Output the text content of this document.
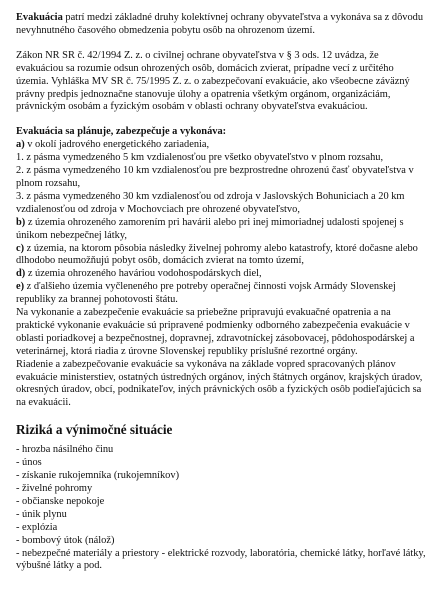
Evakuácia patrí medzi základné druhy kolektívnej ochrany obyvateľstva a vykonáva sa z dôvodu nevyhnutného časového obmedzenia pobytu osôb na ohrozenom území.

Zákon NR SR č. 42/1994 Z. z. o civilnej ochrane obyvateľstva v § 3 ods. 12 uvádza, že evakuáciou sa rozumie odsun ohrozených osôb, domácich zvierat, prípadne vecí z určitého územia. Vyhláška MV SR č. 75/1995 Z. z. o zabezpečovaní evakuácie, ako všeobecne záväzný právny predpis jednoznačne stanovuje úlohy a opatrenia všetkým orgánom, organizáciám, právnickým osobám a fyzickým osobám v oblasti ochrany obyvateľstva evakuáciou.

Evakuácia sa plánuje, zabezpečuje a vykonáva:

a) v okolí jadrového energetického zariadenia,

1. z pásma vymedzeného 5 km vzdialenosťou pre všetko obyvateľstvo v plnom rozsahu,

2. z pásma vymedzeného 10 km vzdialenosťou pre bezprostredne ohrozenú časť obyvateľstva v plnom rozsahu,

3. z pásma vymedzeného 30 km vzdialenosťou od zdroja v Jaslovských Bohuniciach a 20 km vzdialenosťou od zdroja v Mochovciach pre ohrozené obyvateľstvo,

b) z územia ohrozeného zamorením pri havárii alebo pri inej mimoriadnej udalosti spojenej s únikom nebezpečnej látky,

c) z územia, na ktorom pôsobia následky živelnej pohromy alebo katastrofy, ktoré dočasne alebo dlhodobo neumožňujú pobyt osôb, domácich zvierat na tomto území,

d) z územia ohrozeného haváriou vodohospodárskych diel,

e) z ďalšieho územia vyčleneného pre potreby operačnej činnosti vojsk Armády Slovenskej republiky za brannej pohotovosti štátu.

Na vykonanie a zabezpečenie evakuácie sa priebežne pripravujú evakuačné opatrenia a na praktické vykonanie evakuácie sú pripravené podmienky odborného zabezpečenia evakuácie v oblasti poriadkovej a bezpečnostnej, dopravnej, zdravotníckej zásobovacej, pôdohospodárskej a veterinárnej, ktorá riadia z úrovne Slovenskej republiky príslušné rezortné orgány.

Riadenie a zabezpečovanie evakuácie sa vykonáva na základe vopred spracovaných plánov evakuácie ministerstiev, ostatných ústredných orgánov, iných štátnych orgánov, krajských úradov, okresných úradov, obcí, podnikateľov, iných právnických osôb a fyzických osôb podieľajúcich sa na evakuácii.

Riziká a výnimočné situácie
- hrozba násilného činu
- únos
- získanie rukojemníka (rukojemníkov)
- živelné pohromy
- občianske nepokoje
- únik plynu
- explózia
- bombový útok (nálož)
- nebezpečné materiály a priestory - elektrické rozvody, laboratória, chemické látky, horľavé látky, výbušné látky a pod.
